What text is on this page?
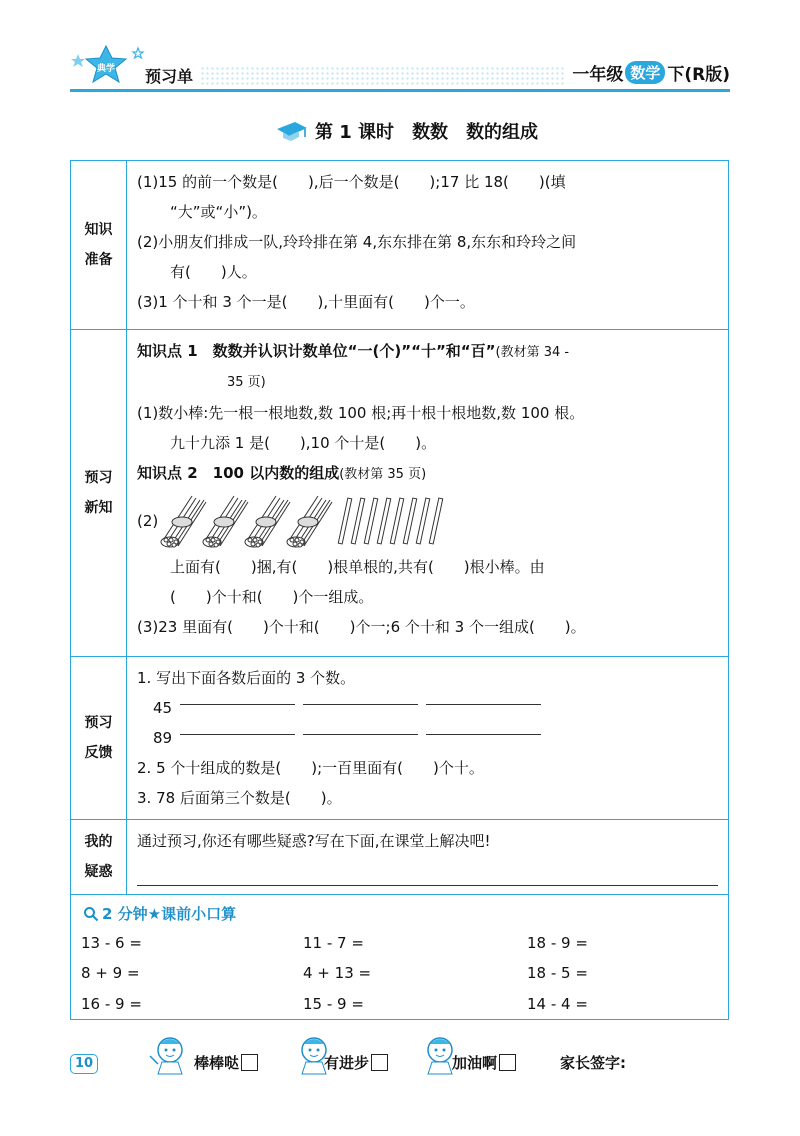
典学 预习单	一年级 数学 下(R版)
第 1 课时 数数 数的组成
知识
准备
(1)15 的前一个数是(　　),后一个数是(　　);17 比 18(　　)(填
“大”或“小”)。
(2)小朋友们排成一队,玲玲排在第 4,东东排在第 8,东东和玲玲之间
有(　　)人。
(3)1 个十和 3 个一是(　　),十里面有(　　)个一。
预习
新知
知识点 1　数数并认识计数单位“一(个)”“十”和“百”(教材第 34 -
35 页)
(1)数小棒:先一根一根地数,数 100 根;再十根十根地数,数 100 根。
九十九添 1 是(　　),10 个十是(　　)。
知识点 2　100 以内数的组成(教材第 35 页)
(2)
上面有(　　)捆,有(　　)根单根的,共有(　　)根小棒。由
(　　)个十和(　　)个一组成。
(3)23 里面有(　　)个十和(　　)个一;6 个十和 3 个一组成(　　)。
预习
反馈
1. 写出下面各数后面的 3 个数。
45
89
2. 5 个十组成的数是(　　);一百里面有(　　)个十。
3. 78 后面第三个数是(　　)。
我的
疑惑
通过预习,你还有哪些疑惑?写在下面,在课堂上解决吧!
2 分钟★课前小口算
13 - 6 =	11 - 7 =	18 - 9 =
8 + 9 =	4 + 13 =	18 - 5 =
16 - 9 =	15 - 9 =	14 - 4 =
10	棒棒哒	有进步	加油啊	家长签字:
